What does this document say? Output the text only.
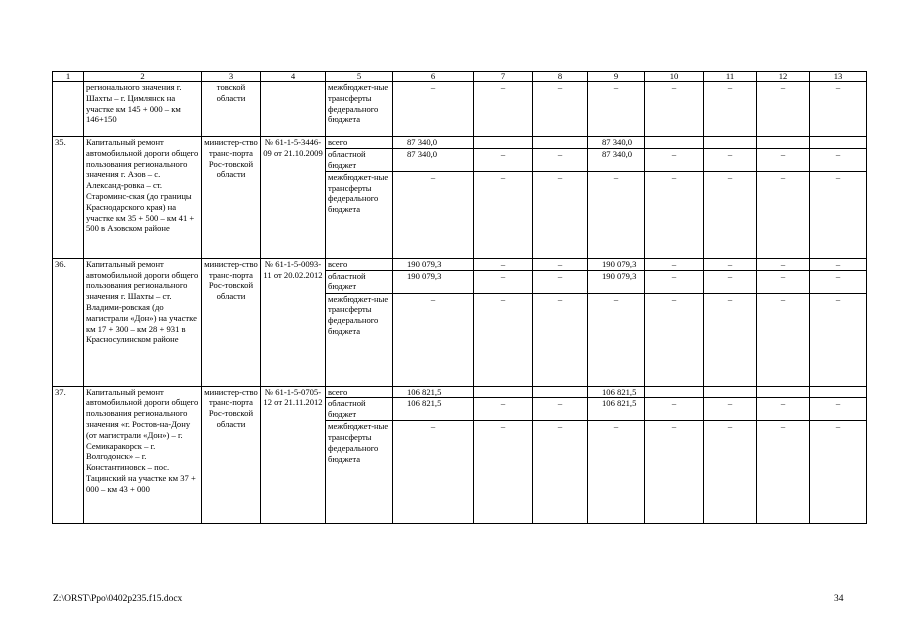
1	2	3	4	5	6	7	8	9	10	11	12	13
	регионального значения г. Шахты – г. Цимлянск на участке км 145 + 000 – км 146+150	товской области		межбюджет-ные трансферты федерального бюджета	–	–	–	–	–	–	–	–
35.	Капитальный ремонт автомобильной дороги общего пользования регионального значения г. Азов – с. Александ-ровка – ст. Староминс-ская (до границы Краснодарского края) на участке км 35 + 500 – км 41 + 500 в Азовском районе	министер-ство транс-порта Рос-товской области	№ 61-1-5-3446-09 от 21.10.2009	всего	87 340,0			87 340,0				
				областной бюджет	87 340,0	–	–	87 340,0	–	–	–	–
				межбюджет-ные трансферты федерального бюджета	–	–	–	–	–	–	–	–
36.	Капитальный ремонт автомобильной дороги общего пользования регионального значения г. Шахты – ст. Владими-ровская (до магистрали «Дон») на участке км 17 + 300 – км 28 + 931 в Красносулинском районе	министер-ство транс-порта Рос-товской области	№ 61-1-5-0093-11 от 20.02.2012	всего	190 079,3	–	–	190 079,3	–	–	–	–
				областной бюджет	190 079,3	–	–	190 079,3	–	–	–	–
				межбюджет-ные трансферты федерального бюджета	–	–	–	–	–	–	–	–
37.	Капитальный ремонт автомобильной дороги общего пользования регионального значения «г. Ростов-на-Дону (от магистрали «Дон») – г. Семикаракорск – г. Волгодонск» – г. Константиновск – пос. Тацинский на участке км 37 + 000 – км 43 + 000	министер-ство транс-порта Рос-товской области	№ 61-1-5-0705-12 от 21.11.2012	всего	106 821,5			106 821,5				
				областной бюджет	106 821,5	–	–	106 821,5	–	–	–	–
				межбюджет-ные трансферты федерального бюджета	–	–	–	–	–	–	–	–
Z:\ORST\Ppo\0402p235.f15.docx	34
